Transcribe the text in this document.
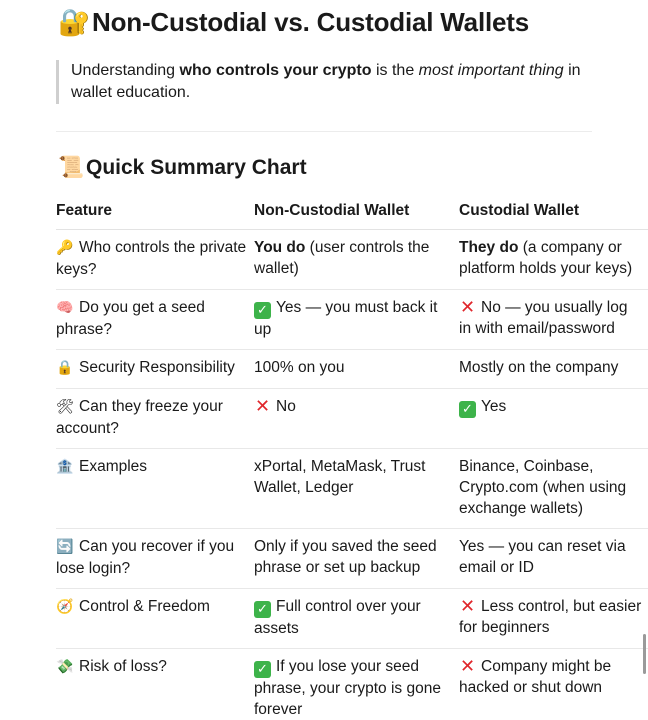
🔐Non-Custodial vs. Custodial Wallets
Understanding who controls your crypto is the most important thing in wallet education.
📜Quick Summary Chart
Feature	Non-Custodial Wallet	Custodial Wallet
🔑 Who controls the private keys?	You do (user controls the wallet)	They do (a company or platform holds your keys)
🧠 Do you get a seed phrase?	✓ Yes — you must back it up	✕ No — you usually log in with email/password
🔒 Security Responsibility	100% on you	Mostly on the company
🛠 Can they freeze your account?	✕ No	✓ Yes
🏦 Examples	xPortal, MetaMask, Trust Wallet, Ledger	Binance, Coinbase, Crypto.com (when using exchange wallets)
🔄 Can you recover if you lose login?	Only if you saved the seed phrase or set up backup	Yes — you can reset via email or ID
🧭 Control & Freedom	✓ Full control over your assets	✕ Less control, but easier for beginners
💸 Risk of loss?	✓ If you lose your seed phrase, your crypto is gone forever	✕ Company might be hacked or shut down
